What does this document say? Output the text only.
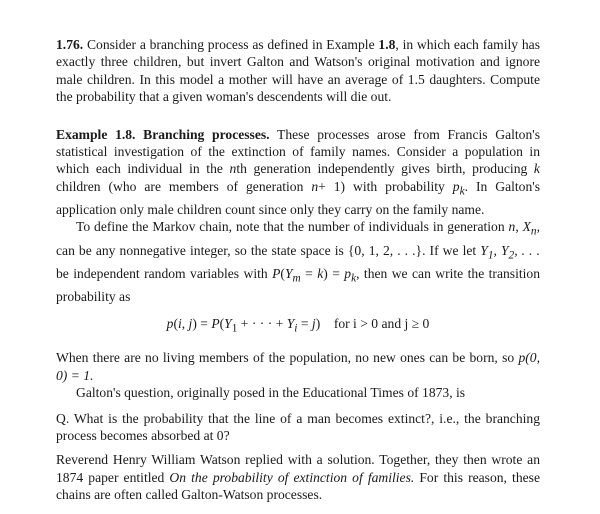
1.76. Consider a branching process as defined in Example 1.8, in which each family has exactly three children, but invert Galton and Watson's original motivation and ignore male children. In this model a mother will have an average of 1.5 daughters. Compute the probability that a given woman's descendents will die out.

Example 1.8. Branching processes. These processes arose from Francis Galton's statistical investigation of the extinction of family names. Consider a population in which each individual in the nth generation independently gives birth, producing k children (who are members of generation n+ 1) with probability $p_k$. In Galton's application only male children count since only they carry on the family name.

To define the Markov chain, note that the number of individuals in generation n, $X_n$, can be any nonnegative integer, so the state space is {0, 1, 2, . . .}. If we let $Y_1$, $Y_2$, . . . be independent random variables with $P(Y_m = k) = p_k$, then we can write the transition probability as

p(i, $j) = P(Y_1$ + · · · + $Y_i = j$)    for i > 0 and j ≥ 0

When there are no living members of the population, no new ones can be born, so p(0, 0) = 1.

Galton's question, originally posed in the Educational Times of 1873, is

Q. What is the probability that the line of a man becomes extinct?, i.e., the branching process becomes absorbed at 0?

Reverend Henry William Watson replied with a solution. Together, they then wrote an 1874 paper entitled On the probability of extinction of families. For this reason, these chains are often called Galton-Watson processes.
